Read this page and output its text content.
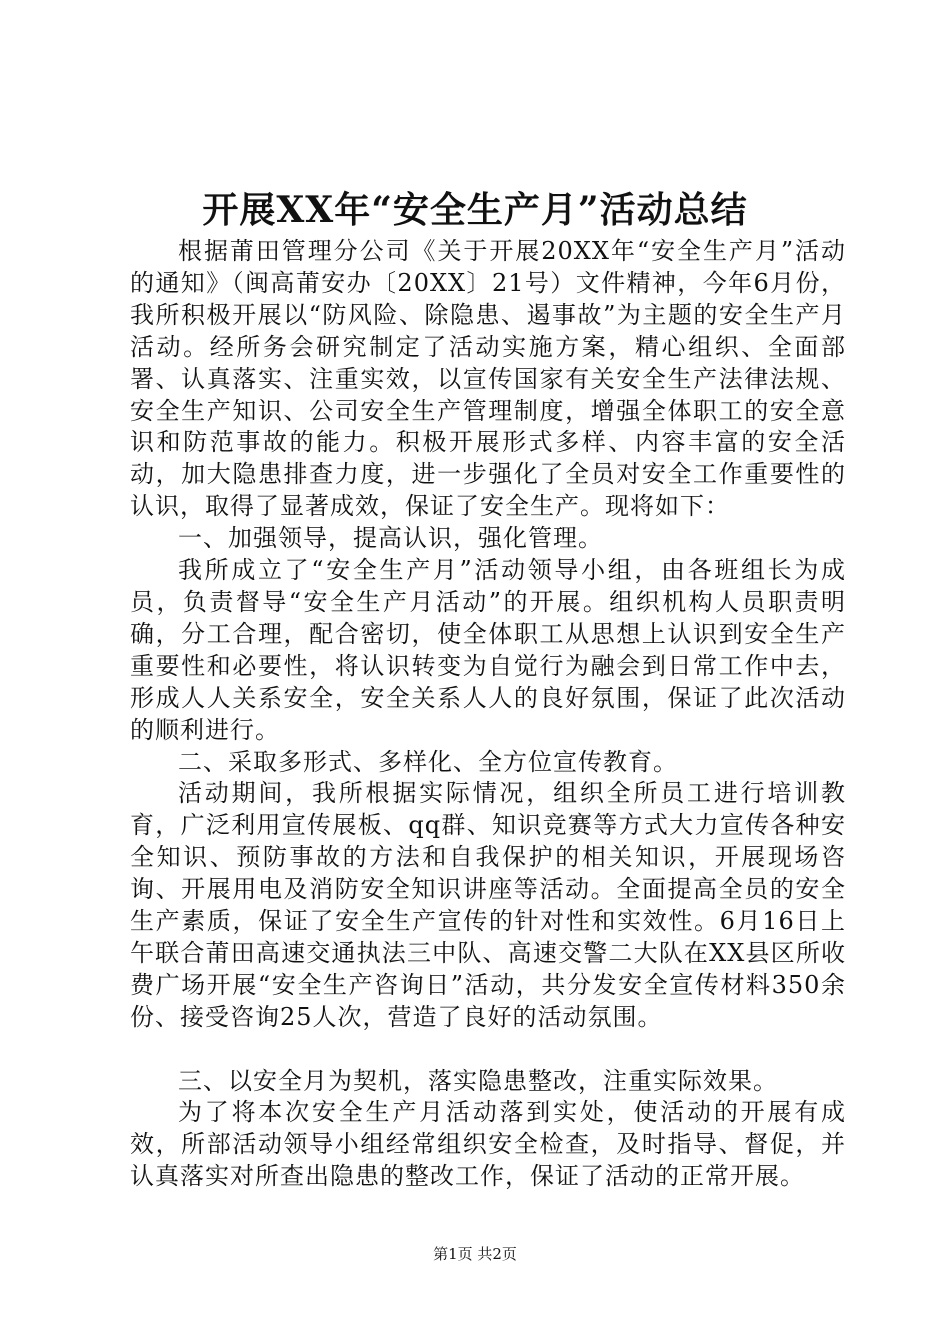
开展XX年“安全生产月”活动总结

根据莆田管理分公司《关于开展20XX年“安全生产月”活动的通知》（闽高莆安办〔20XX〕21号）文件精神，今年6月份，我所积极开展以“防风险、除隐患、遏事故”为主题的安全生产月活动。经所务会研究制定了活动实施方案，精心组织、全面部署、认真落实、注重实效，以宣传国家有关安全生产法律法规、安全生产知识、公司安全生产管理制度，增强全体职工的安全意识和防范事故的能力。积极开展形式多样、内容丰富的安全活动，加大隐患排查力度，进一步强化了全员对安全工作重要性的认识，取得了显著成效，保证了安全生产。现将如下：

一、加强领导，提高认识，强化管理。

我所成立了“安全生产月”活动领导小组，由各班组长为成员，负责督导“安全生产月活动”的开展。组织机构人员职责明确，分工合理，配合密切，使全体职工从思想上认识到安全生产重要性和必要性，将认识转变为自觉行为融会到日常工作中去，形成人人关系安全，安全关系人人的良好氛围，保证了此次活动的顺利进行。

二、采取多形式、多样化、全方位宣传教育。

活动期间，我所根据实际情况，组织全所员工进行培训教育，广泛利用宣传展板、qq群、知识竞赛等方式大力宣传各种安全知识、预防事故的方法和自我保护的相关知识，开展现场咨询、开展用电及消防安全知识讲座等活动。全面提高全员的安全生产素质，保证了安全生产宣传的针对性和实效性。6月16日上午联合莆田高速交通执法三中队、高速交警二大队在XX县区所收费广场开展“安全生产咨询日”活动，共分发安全宣传材料350余份、接受咨询25人次，营造了良好的活动氛围。

三、以安全月为契机，落实隐患整改，注重实际效果。

为了将本次安全生产月活动落到实处，使活动的开展有成效，所部活动领导小组经常组织安全检查，及时指导、督促，并认真落实对所查出隐患的整改工作，保证了活动的正常开展。

第1页 共2页
